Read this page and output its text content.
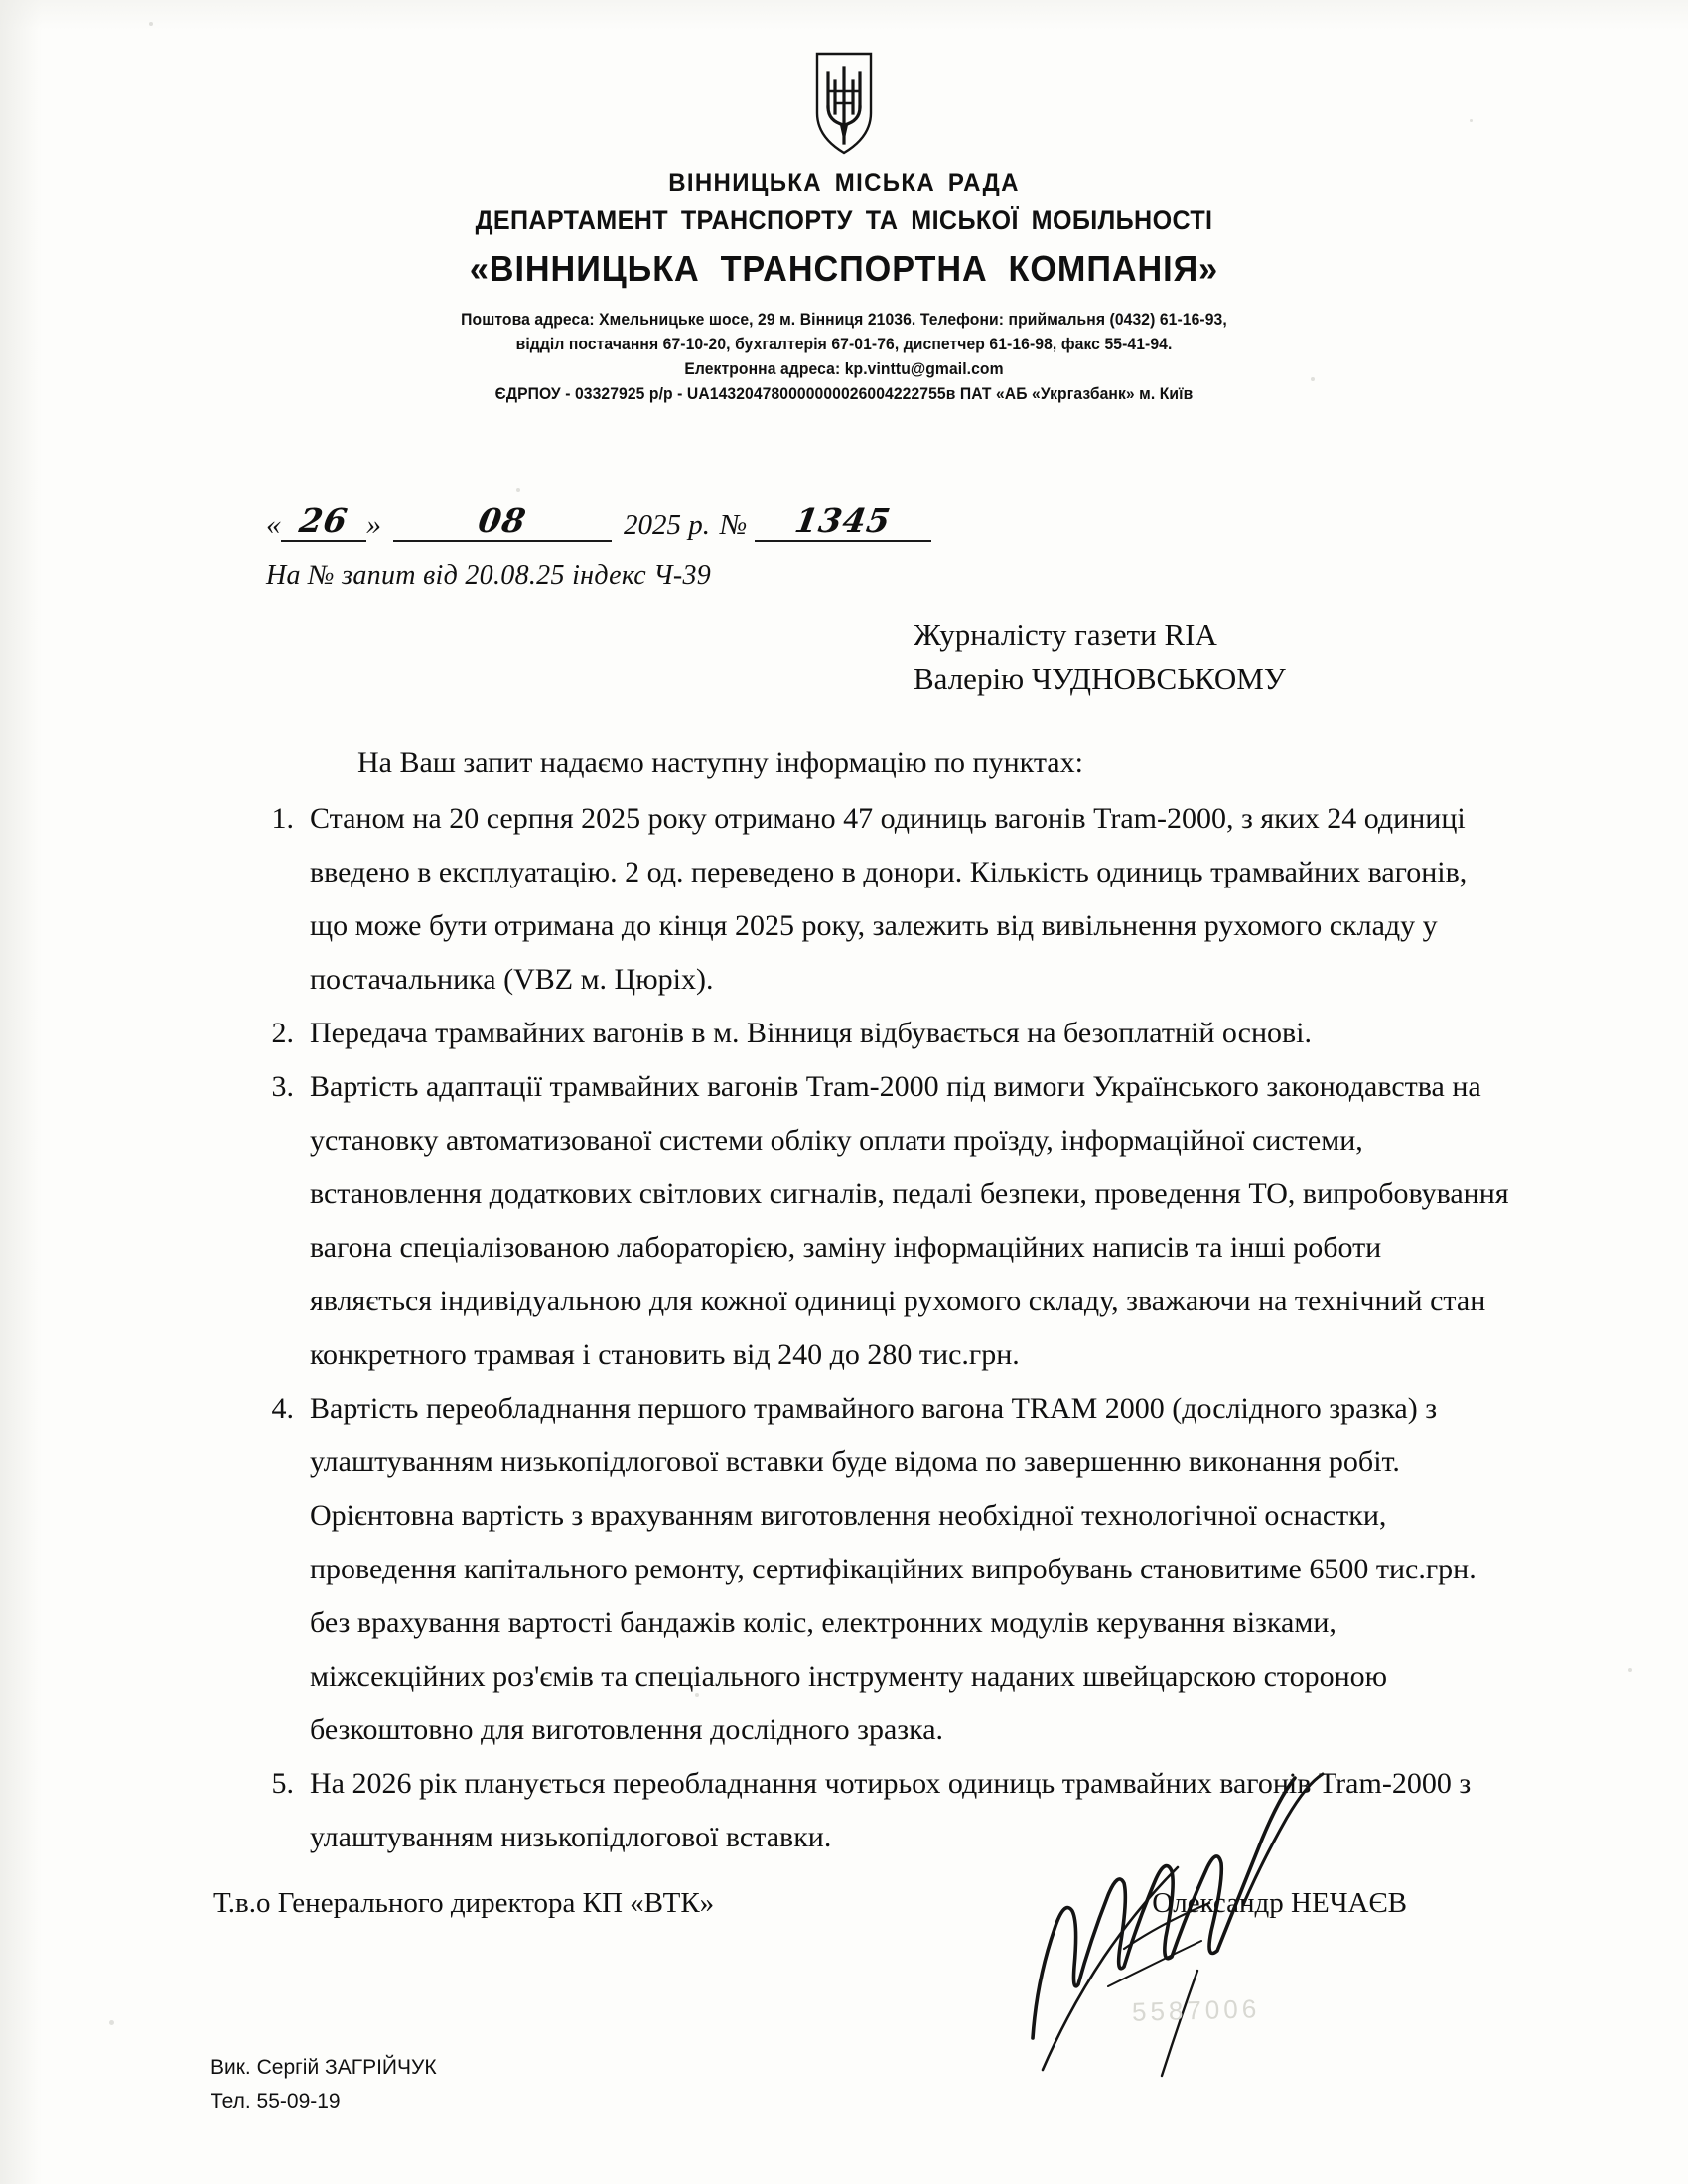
ВІННИЦЬКА МІСЬКА РАДА
ДЕПАРТАМЕНТ ТРАНСПОРТУ ТА МІСЬКОЇ МОБІЛЬНОСТІ
«ВІННИЦЬКА ТРАНСПОРТНА КОМПАНІЯ»
Поштова адреса: Хмельницьке шосе, 29 м. Вінниця 21036. Телефони: приймальня (0432) 61-16-93,
відділ постачання 67-10-20, бухгалтерія 67-01-76, диспетчер 61-16-98, факс 55-41-94.
Електронна адреса: kp.vinttu@gmail.com
ЄДРПОУ - 03327925 р/р - UA143204780000000026004222755в ПАТ «АБ «Укргазбанк» м. Київ
« 26 »	08	2025 р. №	1345
На № запит від 20.08.25 індекс Ч-39
Журналісту газети RIA
Валерію ЧУДНОВСЬКОМУ
На Ваш запит надаємо наступну інформацію по пунктах:
1. Станом на 20 серпня 2025 року отримано 47 одиниць вагонів Tram-2000, з яких 24 одиниці введено в експлуатацію. 2 од. переведено в донори. Кількість одиниць трамвайних вагонів, що може бути отримана до кінця 2025 року, залежить від вивільнення рухомого складу у постачальника (VBZ м. Цюріх).
2. Передача трамвайних вагонів в м. Вінниця відбувається на безоплатній основі.
3. Вартість адаптації трамвайних вагонів Tram-2000 під вимоги Українського законодавства на установку автоматизованої системи обліку оплати проїзду, інформаційної системи, встановлення додаткових світлових сигналів, педалі безпеки, проведення ТО, випробовування вагона спеціалізованою лабораторією, заміну інформаційних написів та інші роботи являється індивідуальною для кожної одиниці рухомого складу, зважаючи на технічний стан конкретного трамвая і становить від 240 до 280 тис.грн.
4. Вартість переобладнання першого трамвайного вагона TRAM 2000 (дослідного зразка) з улаштуванням низькопідлогової вставки буде відома по завершенню виконання робіт. Орієнтовна вартість з врахуванням виготовлення необхідної технологічної оснастки, проведення капітального ремонту, сертифікаційних випробувань становитиме 6500 тис.грн. без врахування вартості бандажів коліс, електронних модулів керування візками, міжсекційних роз'ємів та спеціального інструменту наданих швейцарскою стороною безкоштовно для виготовлення дослідного зразка.
5. На 2026 рік планується переобладнання чотирьох одиниць трамвайних вагонів Tram-2000 з улаштуванням низькопідлогової вставки.
Т.в.о Генерального директора КП «ВТК»	Олександр НЕЧАЄВ
5587006
Вик. Сергій ЗАГРІЙЧУК
Тел. 55-09-19
